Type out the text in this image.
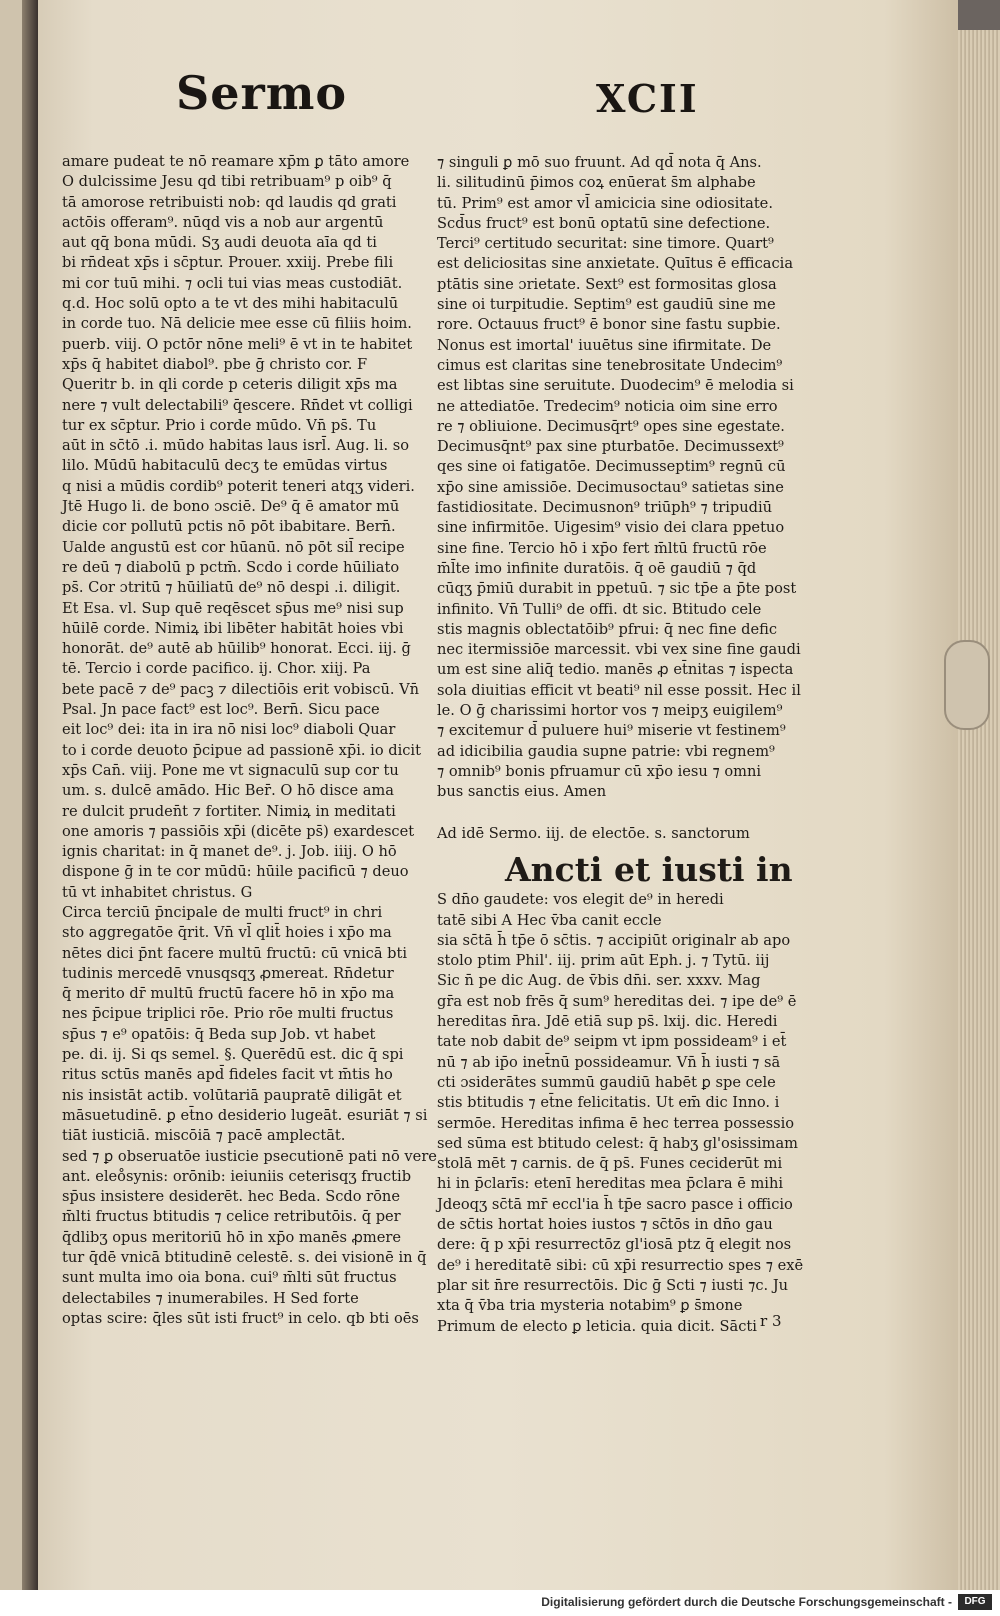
Sermo	XCII
amare pudeat te nō reamare xp̄m ꝑ tāto amore
O dulcissime Jesu qd tibi retribuam⁹ p oib⁹ q̄
tā amorose retribuisti nob: qd laudis qd grati
actōis offeram⁹. nūqd vis a nob aur argentū
aut qq̄ bona mūdi. Sʒ audi deuota aīa qd ti
bi rn̄deat xp̄s i sc̄ptur. Prouer. xxiij. Prebe fili
mi cor tuū mihi. ⁊ ocli tui vias meas custodiāt.
q.d. Hoc solū opto a te vt des mihi habitaculū
in corde tuo. Nā delicie mee esse cū filiis hoim.
puerb. viij. O pctōr nōne meli⁹ ē vt in te habitet
xp̄s q̄ habitet diabol⁹. pbe ḡ christo cor. F
Queritr b. in qli corde p ceteris diligit xp̄s ma
nere ⁊ vult delectabili⁹ q̄escere. Rn̄det vt colligi
tur ex sc̄ptur. Prio i corde mūdo. Vn̄ ps̄. Tu
aūt in sc̄tō .i. mūdo habitas laus isrl̄. Aug. li. so
lilo. Mūdū habitaculū decʒ te emūdas virtus
q nisi a mūdis cordib⁹ poterit teneri atqʒ videri.
Jtē Hugo li. de bono ɔsciē. De⁹ q̄ ē amator mū
dicie cor pollutū pctis nō pōt ibabitare. Bern̄.
Ualde angustū est cor hūanū. nō pōt sil̄ recipe
re deū ⁊ diabolū p pctm̄. Scdo i corde hūiliato
ps̄. Cor ɔtritū ⁊ hūiliatū de⁹ nō despi .i. diligit.
Et Esa. vl. Sup quē reqēscet sp̄us me⁹ nisi sup
hūilē corde. Nimiꝝ ibi libēter habitāt hoies vbi
honorāt. de⁹ autē ab hūilib⁹ honorat. Ecci. iij. ḡ
tē. Tercio i corde pacifico. ij. Chor. xiij. Pa
bete pacē ⁊ de⁹ pacꝫ ⁊ dilectiōis erit vobiscū. Vn̄
Psal. Jn pace fact⁹ est loc⁹. Bern̄. Sicu pace
eit loc⁹ dei: ita in ira nō nisi loc⁹ diaboli Quar
to i corde deuoto p̄cipue ad passionē xp̄i. io dicit
xp̄s Can̄. viij. Pone me vt signaculū sup cor tu
um. s. dulcē amādo. Hic Ber̄. O hō disce ama
re dulcit pruden̄t ⁊ fortiter. Nimiꝝ in meditati
one amoris ⁊ passiōis xp̄i (dicēte ps̄) exardescet
ignis charitat: in q̄ manet de⁹. j. Job. iiij. O hō
dispone ḡ in te cor mūdū: hūile pacificū ⁊ deuo
tū vt inhabitet christus. G
Circa terciū p̄ncipale de multi fruct⁹ in chri
sto aggregatōe q̄rit. Vn̄ vl̄ qlit̄ hoies i xp̄o ma
nētes dici p̄nt facere multū fructū: cū vnicā bti
tudinis mercedē vnusqsqʒ ꝓmereat. Rn̄detur
q̄ merito dr̄ multū fructū facere hō in xp̄o ma
nes p̄cipue triplici rōe. Prio rōe multi fructus
sp̄us ⁊ e⁹ opatōis: q̄ Beda sup Job. vt habet
pe. di. ij. Si qs semel. §. Querēdū est. dic q̄ spi
ritus sctūs manēs apd̄ fideles facit vt m̄tis ho
nis insistāt actib. volūtariā paupratē diligāt et
māsuetudinē. ꝑ et̄no desiderio lugeāt. esuriāt ⁊ si
tiāt iusticiā. miscōiā ⁊ pacē amplectāt.
sed ⁊ ꝑ obseruatōe iusticie psecutionē pati nō vere
ant. eleo̊synis: orōnib: ieiuniis ceterisqʒ fructib
sp̄us insistere desiderēt. hec Beda. Scdo rōne
m̄lti fructus btitudis ⁊ celice retributōis. q̄ per
q̄dlibʒ opus meritoriū hō in xp̄o manēs ꝓmere
tur q̄dē vnicā btitudinē celestē. s. dei visionē in q̄
sunt multa imo oia bona. cui⁹ m̄lti sūt fructus
delectabiles ⁊ inumerabiles. H Sed forte
optas scire: q̄les sūt isti fruct⁹ in celo. qb bti oēs
⁊ singuli ꝑ mō suo fruunt. Ad qd̄ nota q̄ Ans.
li. silitudinū p̄imos coꝝ enūerat s̄m alphabe
tū. Prim⁹ est amor vl̄ amicicia sine odiositate.
Scd̄us fruct⁹ est bonū optatū sine defectione.
Terci⁹ certitudo securitat: sine timore. Quart⁹
est deliciositas sine anxietate. Quītus ē efficacia
ptātis sine ɔrietate. Sext⁹ est formositas glosa
sine oi turpitudie. Septim⁹ est gaudiū sine me
rore. Octauus fruct⁹ ē bonor sine fastu supbie.
Nonus est imortal' iuuētus sine ifirmitate. De
cimus est claritas sine tenebrositate Undecim⁹
est libtas sine seruitute. Duodecim⁹ ē melodia si
ne attediatōe. Tredecim⁹ noticia oim sine erro
re ⁊ obliuione. Decimusq̄rt⁹ opes sine egestate.
Decimusq̄nt⁹ pax sine pturbatōe. Decimussext⁹
qes sine oi fatigatōe. Decimusseptim⁹ regnū cū
xp̄o sine amissiōe. Decimusoctau⁹ satietas sine
fastidiositate. Decimusnon⁹ triūph⁹ ⁊ tripudiū
sine infirmitōe. Uigesim⁹ visio dei clara ppetuo
sine fine. Tercio hō i xp̄o fert m̄ltū fructū rōe
m̄l̄te imo infinite duratōis. q̄ oē gaudiū ⁊ q̄d
cūqʒ p̄miū durabit in ppetuū. ⁊ sic tp̄e a p̄te post
infinito. Vn̄ Tulli⁹ de offi. dt sic. Btitudo cele
stis magnis oblectatōib⁹ pfrui: q̄ nec fine defic
nec itermissiōe marcessit. vbi vex sine fine gaudi
um est sine aliq̄ tedio. manēs ꝓ et̄nitas ⁊ ispecta
sola diuitias efficit vt beati⁹ nil esse possit. Hec il
le. O ḡ charissimi hortor vos ⁊ meipʒ euigilem⁹
⁊ excitemur d̄ puluere hui⁹ miserie vt festinem⁹
ad idicibilia gaudia supne patrie: vbi regnem⁹
⁊ omnib⁹ bonis pfruamur cū xp̄o iesu ⁊ omni
bus sanctis eius. Amen
Ad idē Sermo. iij. de electōe. s. sanctorum
Ancti et iusti in
S dn̄o gaudete: vos elegit de⁹ in heredi
tatē sibi A Hec v̄ba canit eccle
sia sc̄tā h̄ tp̄e ō sc̄tis. ⁊ accipiūt originalr ab apo
stolo ptim Phil'. iij. prim aūt Eph. j. ⁊ Tytū. iij
Sic n̄ pe dic Aug. de v̄bis dn̄i. ser. xxxv. Mag
gr̄a est nob frēs q̄ sum⁹ hereditas dei. ⁊ ipe de⁹ ē
hereditas n̄ra. Jdē etiā sup ps̄. lxij. dic. Heredi
tate nob dabit de⁹ seipm vt ipm possideam⁹ i et̄
nū ⁊ ab ip̄o inet̄nū possideamur. Vn̄ h̄ iusti ⁊ sā
cti ɔsiderātes summū gaudiū habēt ꝑ spe cele
stis btitudis ⁊ et̄ne felicitatis. Ut em̄ dic Inno. i
sermōe. Hereditas infima ē hec terrea possessio
sed sūma est btitudo celest: q̄ habʒ gl'osissimam
stolā mēt ⁊ carnis. de q̄ ps̄. Funes ceciderūt mi
hi in p̄clarīs: etenī hereditas mea p̄clara ē mihi
Jdeoqʒ sc̄tā mr̄ eccl'ia h̄ tp̄e sacro pasce i officio
de sc̄tis hortat hoies iustos ⁊ sc̄tōs in dn̄o gau
dere: q̄ p xp̄i resurrectōz gl'iosā ptz q̄ elegit nos
de⁹ i hereditatē sibi: cū xp̄i resurrectio spes ⁊ exē
plar sit n̄re resurrectōis. Dic ḡ Scti ⁊ iusti ⁊c. Ju
xta q̄ v̄ba tria mysteria notabim⁹ ꝑ s̄mone
Primum de electo ꝑ leticia. quia dicit. Sācti r 3
Digitalisierung gefördert durch die Deutsche Forschungsgemeinschaft -	DFG
